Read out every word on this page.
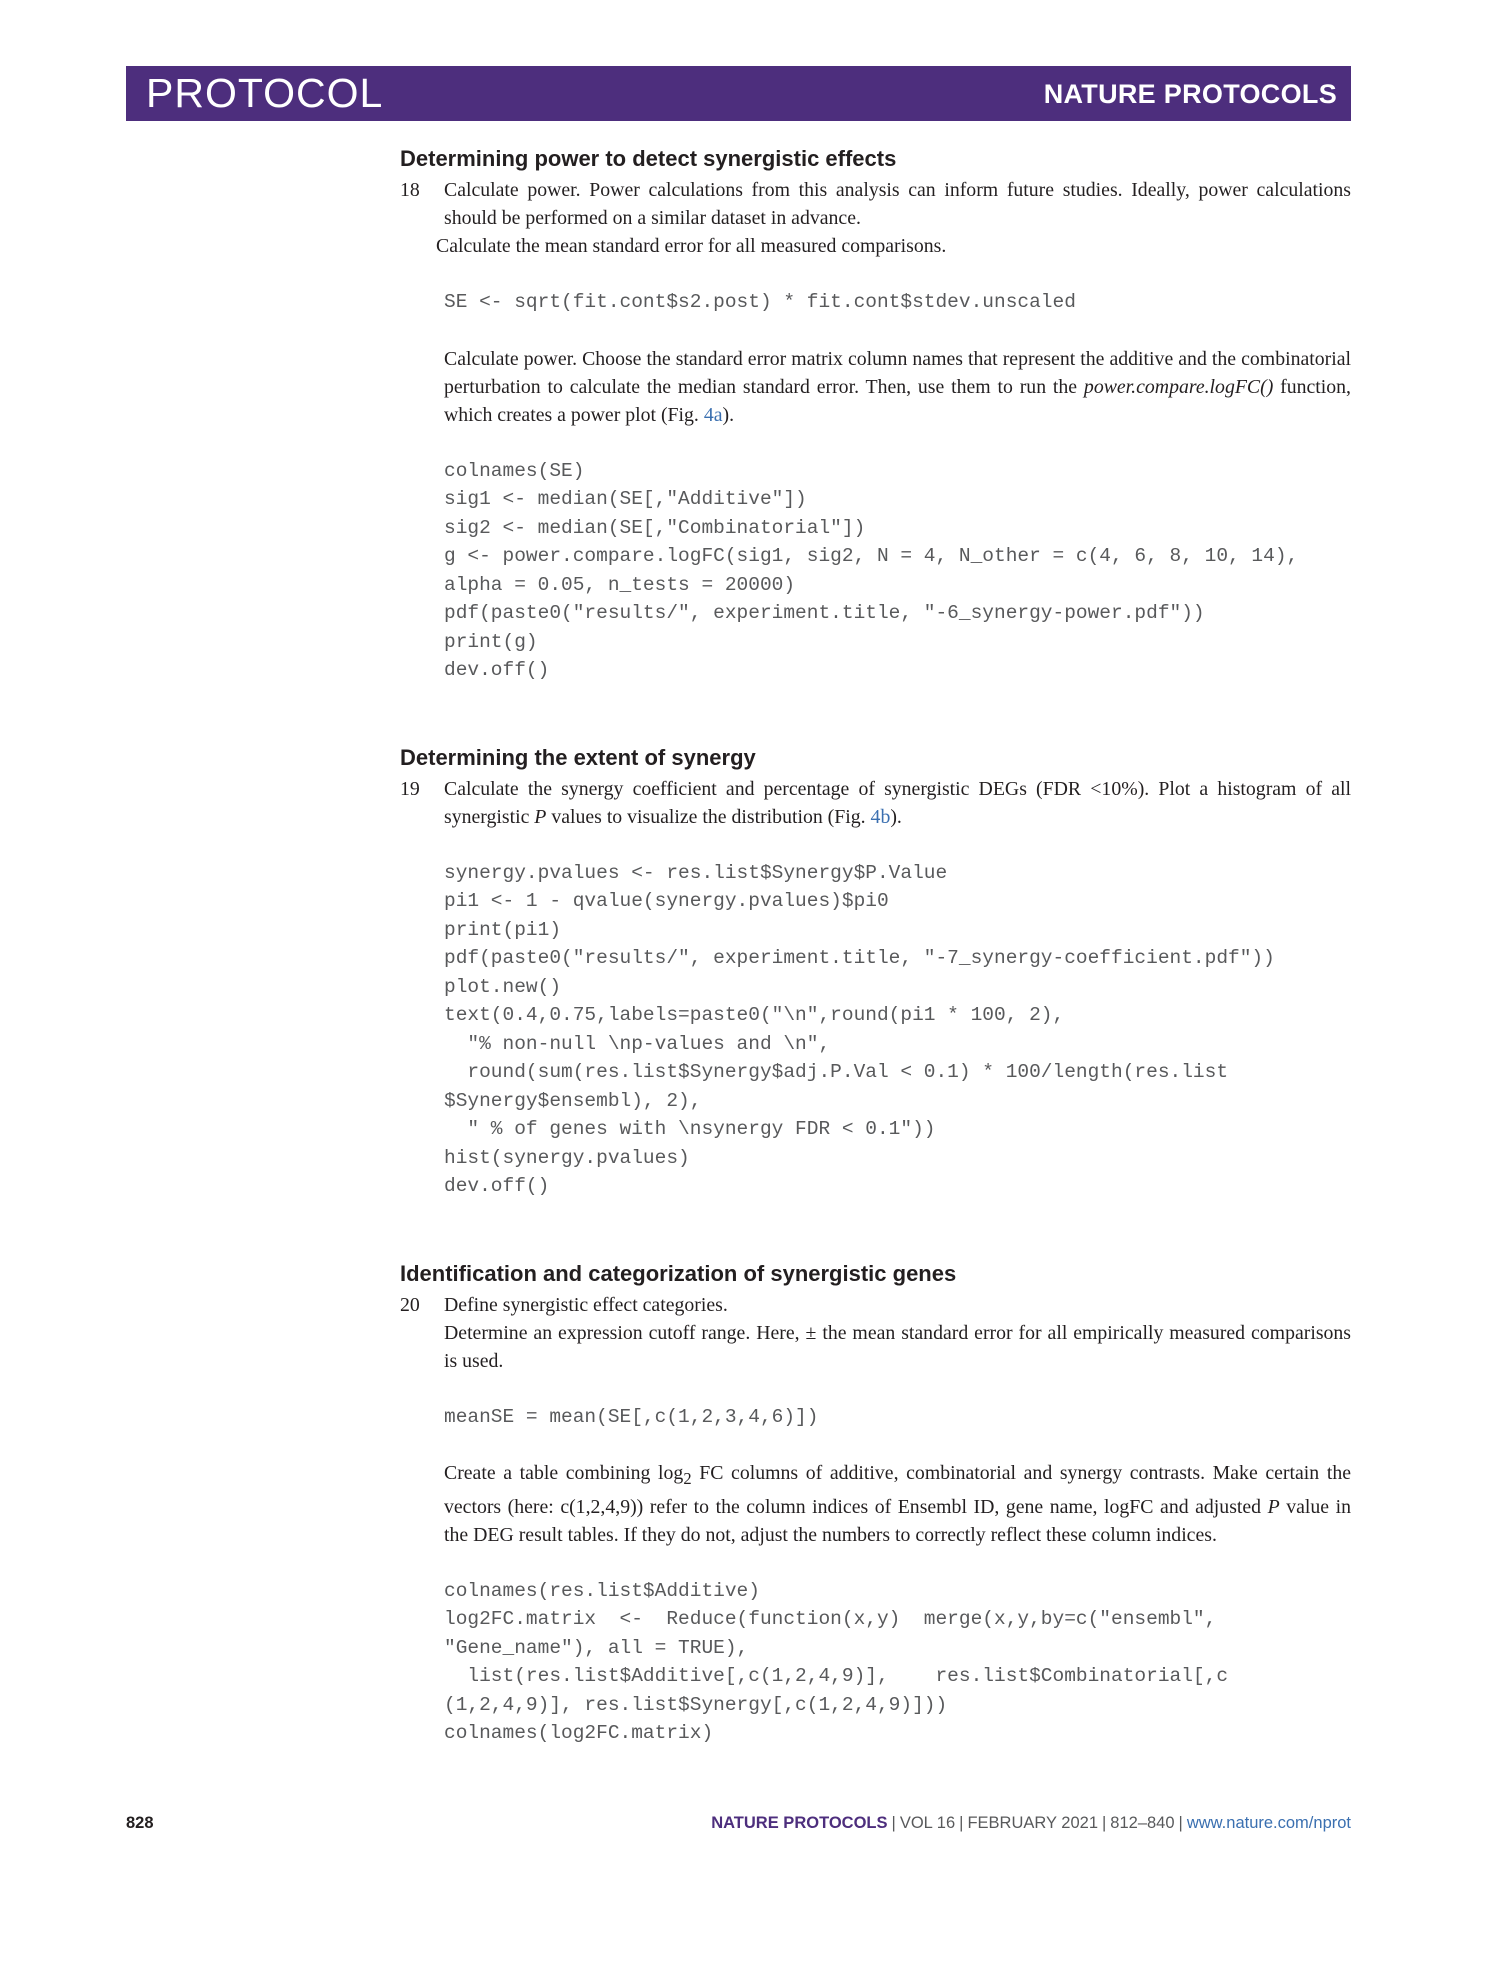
PROTOCOL	NATURE PROTOCOLS
Determining power to detect synergistic effects
18 Calculate power. Power calculations from this analysis can inform future studies. Ideally, power calculations should be performed on a similar dataset in advance.

Calculate the mean standard error for all measured comparisons.

SE <- sqrt(fit.cont$s2.post) * fit.cont$stdev.unscaled

Calculate power. Choose the standard error matrix column names that represent the additive and the combinatorial perturbation to calculate the median standard error. Then, use them to run the power.compare.logFC() function, which creates a power plot (Fig. 4a).

colnames(SE)
sig1 <- median(SE[,"Additive"])
sig2 <- median(SE[,"Combinatorial"])
g <- power.compare.logFC(sig1, sig2, N = 4, N_other = c(4, 6, 8, 10, 14),
alpha = 0.05, n_tests = 20000)
pdf(paste0("results/", experiment.title, "-6_synergy-power.pdf"))
print(g)
dev.off()
Determining the extent of synergy
19 Calculate the synergy coefficient and percentage of synergistic DEGs (FDR <10%). Plot a histogram of all synergistic P values to visualize the distribution (Fig. 4b).
synergy.pvalues <- res.list$Synergy$P.Value
pi1 <- 1 - qvalue(synergy.pvalues)$pi0
print(pi1)
pdf(paste0("results/", experiment.title, "-7_synergy-coefficient.pdf"))
plot.new()
text(0.4,0.75,labels=paste0("\n",round(pi1 * 100, 2),
"% non-null \np-values and \n",
round(sum(res.list$Synergy$adj.P.Val < 0.1) * 100/length(res.list
$Synergy$ensembl), 2),
" % of genes with \nsynergy FDR < 0.1"))
hist(synergy.pvalues)
dev.off()
Identification and categorization of synergistic genes
20 Define synergistic effect categories.

Determine an expression cutoff range. Here, ± the mean standard error for all empirically measured comparisons is used.

meanSE = mean(SE[,c(1,2,3,4,6)])

Create a table combining $\log_2$ FC columns of additive, combinatorial and synergy contrasts. Make certain the vectors (here: c(1,2,4,9)) refer to the column indices of Ensembl ID, gene name, logFC and adjusted P value in the DEG result tables. If they do not, adjust the numbers to correctly reflect these column indices.

colnames(res.list$Additive)
log2FC.matrix  <-  Reduce(function(x,y)  merge(x,y,by=c("ensembl",
"Gene_name"), all = TRUE),
list(res.list$Additive[,c(1,2,4,9)],    res.list$Combinatorial[,c
(1,2,4,9)], res.list$Synergy[,c(1,2,4,9)]))
colnames(log2FC.matrix)
828	NATURE PROTOCOLS | VOL 16 | FEBRUARY 2021 | 812–840 | www.nature.com/nprot
